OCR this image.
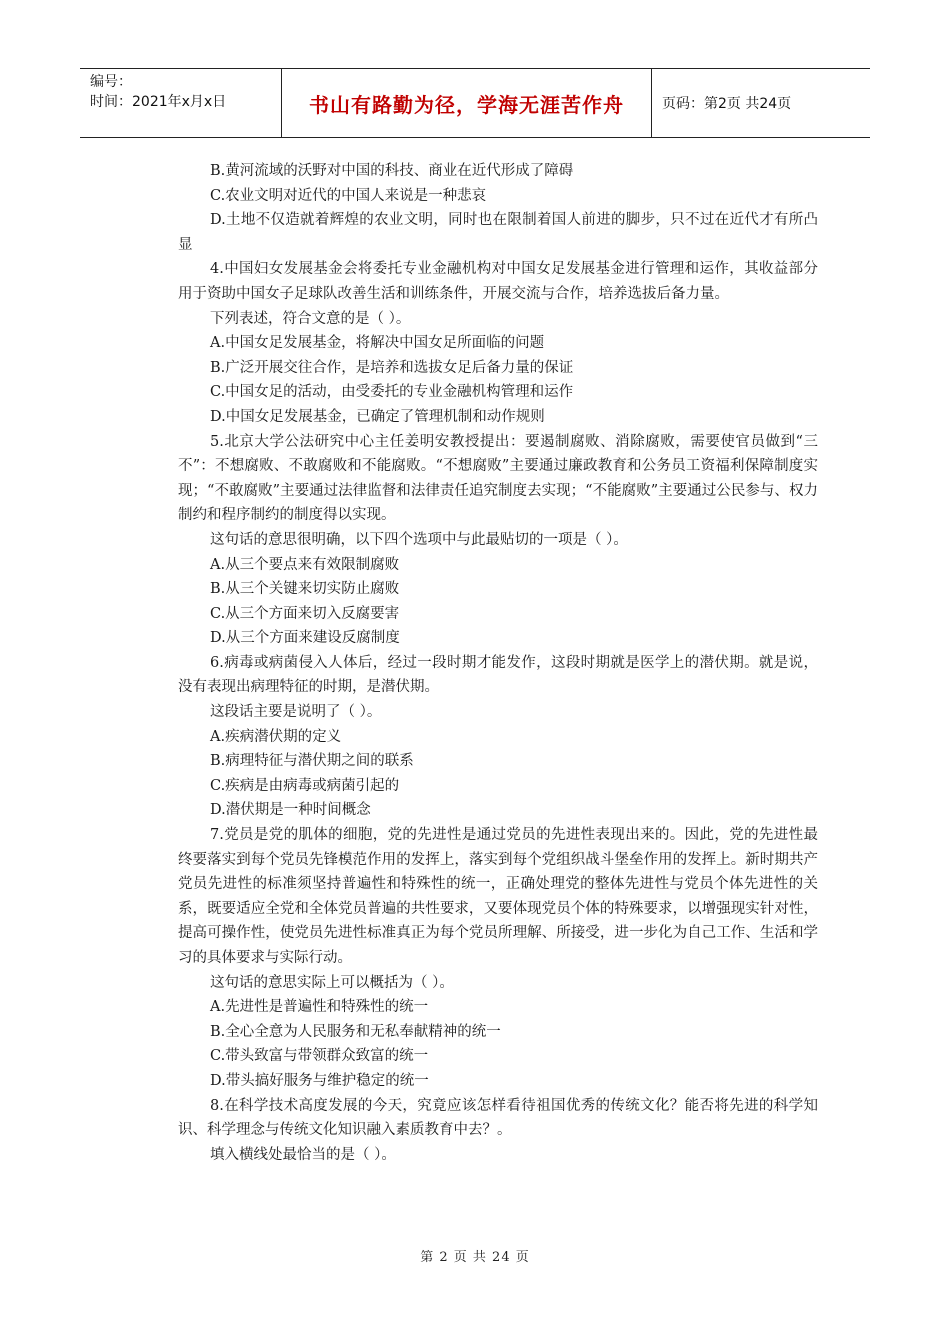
编号：
时间：2021年x月x日	书山有路勤为径，学海无涯苦作舟	页码：第2页 共24页

B.黄河流域的沃野对中国的科技、商业在近代形成了障碍

C.农业文明对近代的中国人来说是一种悲哀

D.土地不仅造就着辉煌的农业文明，同时也在限制着国人前进的脚步，只不过在近代才有所凸显

4.中国妇女发展基金会将委托专业金融机构对中国女足发展基金进行管理和运作，其收益部分用于资助中国女子足球队改善生活和训练条件，开展交流与合作，培养选拔后备力量。

下列表述，符合文意的是（ ）。

A.中国女足发展基金，将解决中国女足所面临的问题

B.广泛开展交往合作，是培养和选拔女足后备力量的保证

C.中国女足的活动，由受委托的专业金融机构管理和运作

D.中国女足发展基金，已确定了管理机制和动作规则

5.北京大学公法研究中心主任姜明安教授提出：要遏制腐败、消除腐败，需要使官员做到“三不”：不想腐败、不敢腐败和不能腐败。“不想腐败”主要通过廉政教育和公务员工资福利保障制度实现；“不敢腐败”主要通过法律监督和法律责任追究制度去实现；“不能腐败”主要通过公民参与、权力制约和程序制约的制度得以实现。

这句话的意思很明确，以下四个选项中与此最贴切的一项是（ ）。

A.从三个要点来有效限制腐败

B.从三个关键来切实防止腐败

C.从三个方面来切入反腐要害

D.从三个方面来建设反腐制度

6.病毒或病菌侵入人体后，经过一段时期才能发作，这段时期就是医学上的潜伏期。就是说，没有表现出病理特征的时期，是潜伏期。

这段话主要是说明了（ ）。

A.疾病潜伏期的定义

B.病理特征与潜伏期之间的联系

C.疾病是由病毒或病菌引起的

D.潜伏期是一种时间概念

7.党员是党的肌体的细胞，党的先进性是通过党员的先进性表现出来的。因此，党的先进性最终要落实到每个党员先锋模范作用的发挥上，落实到每个党组织战斗堡垒作用的发挥上。新时期共产党员先进性的标准须坚持普遍性和特殊性的统一，正确处理党的整体先进性与党员个体先进性的关系，既要适应全党和全体党员普遍的共性要求，又要体现党员个体的特殊要求，以增强现实针对性，提高可操作性，使党员先进性标准真正为每个党员所理解、所接受，进一步化为自己工作、生活和学习的具体要求与实际行动。

这句话的意思实际上可以概括为（ ）。

A.先进性是普遍性和特殊性的统一

B.全心全意为人民服务和无私奉献精神的统一

C.带头致富与带领群众致富的统一

D.带头搞好服务与维护稳定的统一

8.在科学技术高度发展的今天，究竟应该怎样看待祖国优秀的传统文化？能否将先进的科学知识、科学理念与传统文化知识融入素质教育中去？。

填入横线处最恰当的是（ ）。

第 2 页 共 24 页
